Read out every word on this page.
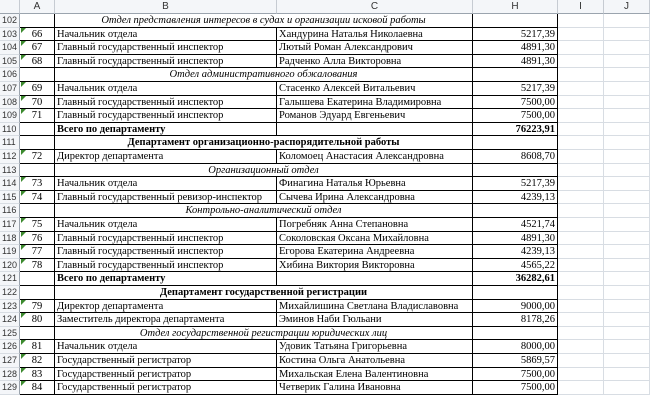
A	B	C	H	I	J
102	Отдел представления интересов в судах и организации исковой работы
103	66	Начальник отдела	Хандурина Наталья Николаевна	5217,39
104	67	Главный государственный инспектор	Лютый Роман Александрович	4891,30
105	68	Главный государственный инспектор	Радченко Алла Викторовна	4891,30
106	Отдел административного обжалования
107	69	Начальник отдела	Стасенко Алексей Витальевич	5217,39
108	70	Главный государственный инспектор	Галышева Екатерина Владимировна	7500,00
109	71	Главный государственный инспектор	Романов Эдуард Евгеньевич	7500,00
110	Всего по департаменту	76223,91
111	Департамент организационно-распорядительной работы
112	72	Директор департамента	Коломоец Анастасия Александровна	8608,70
113	Организационный отдел
114	73	Начальник отдела	Финагина Наталья Юрьевна	5217,39
115	74	Главный государственный ревизор-инспектор	Сычева Ирина Александровна	4239,13
116	Контрольно-аналитический отдел
117	75	Начальник отдела	Погребняк Анна Степановна	4521,74
118	76	Главный государственный инспектор	Соколовская Оксана Михайловна	4891,30
119	77	Главный государственный инспектор	Егорова Екатерина Андреевна	4239,13
120	78	Главный государственный инспектор	Хибина Виктория Викторовна	4565,22
121	Всего по департаменту	36282,61
122	Департамент государственной регистрации
123	79	Директор департамента	Михайлишина Светлана Владиславовна	9000,00
124	80	Заместитель директора департамента	Эминов Наби Гюльани	8178,26
125	Отдел государственной регистрации юридических лиц
126	81	Начальник отдела	Удовик Татьяна Григорьевна	8000,00
127	82	Государственный регистратор	Костина Ольга Анатольевна	5869,57
128	83	Государственный регистратор	Михальская Елена Валентиновна	7500,00
129	84	Государственный регистратор	Четверик Галина Ивановна	7500,00
